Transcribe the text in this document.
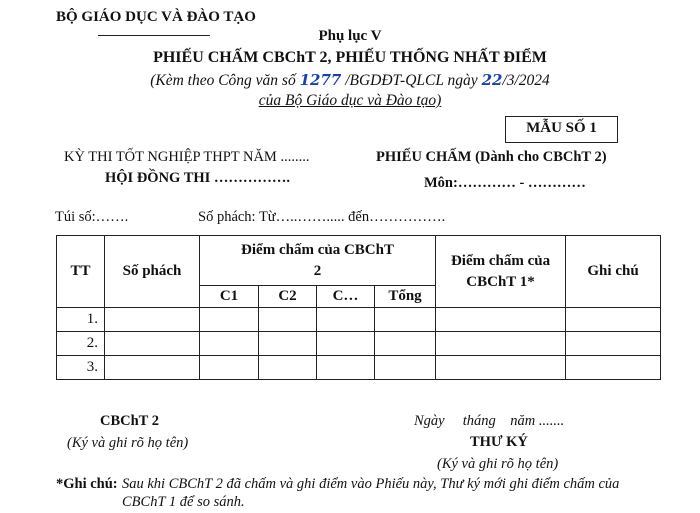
BỘ GIÁO DỤC VÀ ĐÀO TẠO
Phụ lục V
PHIẾU CHẤM CBChT 2, PHIẾU THỐNG NHẤT ĐIỂM
(Kèm theo Công văn số 1277 /BGDĐT-QLCL ngày 22/3/2024
của Bộ Giáo dục và Đào tạo)
MẪU SỐ 1
KỲ THI TỐT NGHIỆP THPT NĂM ........	PHIẾU CHẤM (Dành cho CBChT 2)
HỘI ĐỒNG THI …………….	Môn:………… - …………
Túi số:…….	Số phách: Từ…..……..... đến…………….
TT	Số phách	Điểm chấm của CBChT 2				Điểm chấm của CBChT 1*	Ghi chú
		C1	C2	C…	Tổng		
1.							
2.							
3.							
CBChT 2
(Ký và ghi rõ họ tên)
Ngày     tháng    năm .......
THƯ KÝ
(Ký và ghi rõ họ tên)
*Ghi chú: Sau khi CBChT 2 đã chấm và ghi điểm vào Phiếu này, Thư ký mới ghi điểm chấm của
CBChT 1 để so sánh.
